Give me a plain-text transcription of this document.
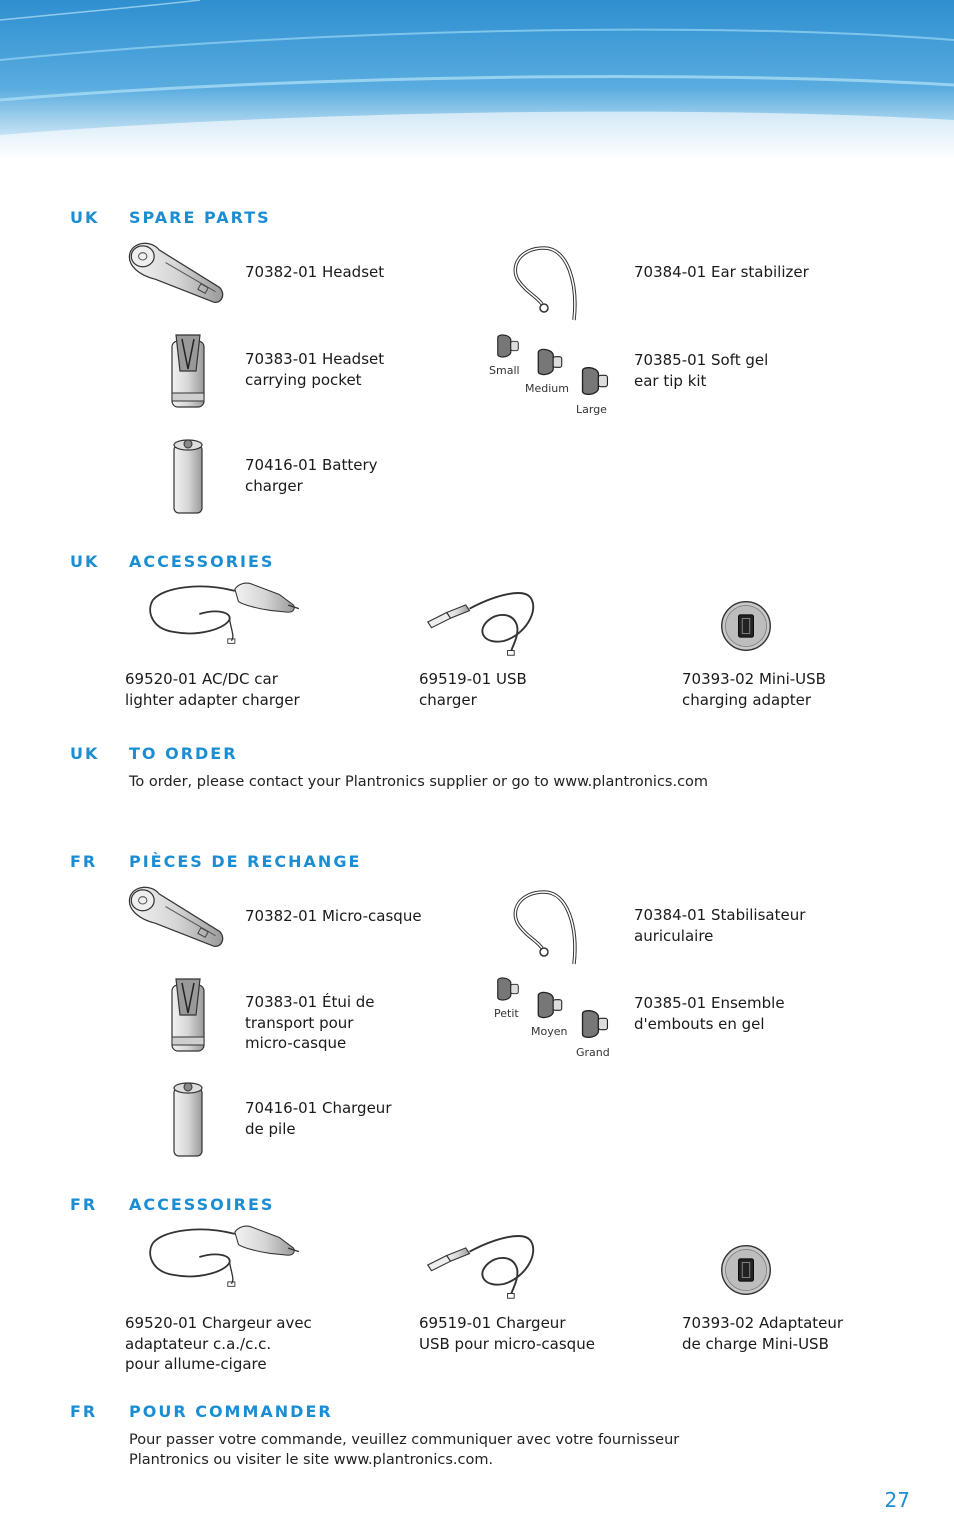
UK SPARE PARTS
70382-01 Headset	70384-01 Ear stabilizer
70383-01 Headset
carrying pocket	Small
Medium
Large
70385-01 Soft gel
ear tip kit
70416-01 Battery
charger
UK ACCESSORIES
69520-01 AC/DC car
lighter adapter charger
69519-01 USB
charger
70393-02 Mini-USB
charging adapter
UK TO ORDER
To order, please contact your Plantronics supplier or go to www.plantronics.com
FR PIÈCES DE RECHANGE
70382-01 Micro-casque	70384-01 Stabilisateur
auriculaire
70383-01 Étui de
transport pour
micro-casque
Petit
Moyen
Grand
70385-01 Ensemble
d'embouts en gel
70416-01 Chargeur
de pile
FR ACCESSOIRES
69520-01 Chargeur avec
adaptateur c.a./c.c.
pour allume-cigare
69519-01 Chargeur
USB pour micro-casque
70393-02 Adaptateur
de charge Mini-USB
FR POUR COMMANDER
Pour passer votre commande, veuillez communiquer avec votre fournisseur
Plantronics ou visiter le site www.plantronics.com.
27
